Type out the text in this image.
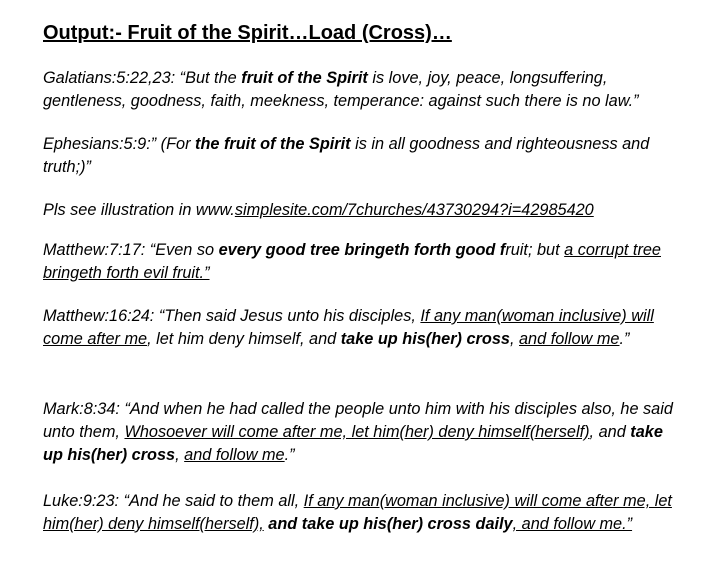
Output:- Fruit of the Spirit…Load (Cross)…

Galatians:5:22,23: “But the fruit of the Spirit is love, joy, peace, longsuffering, gentleness, goodness, faith, meekness, temperance: against such there is no law.”

Ephesians:5:9:” (For the fruit of the Spirit is in all goodness and righteousness and truth;)”

Pls see illustration in www.simplesite.com/7churches/43730294?i=42985420

Matthew:7:17: “Even so every good tree bringeth forth good fruit; but a corrupt tree bringeth forth evil fruit.”

Matthew:16:24: “Then said Jesus unto his disciples, If any man(woman inclusive) will come after me, let him deny himself, and take up his(her) cross, and follow me.”

Mark:8:34: “And when he had called the people unto him with his disciples also, he said unto them, Whosoever will come after me, let him(her) deny himself(herself), and take up his(her) cross, and follow me.”

Luke:9:23: “And he said to them all, If any man(woman inclusive) will come after me, let him(her) deny himself(herself), and take up his(her) cross daily, and follow me.”
